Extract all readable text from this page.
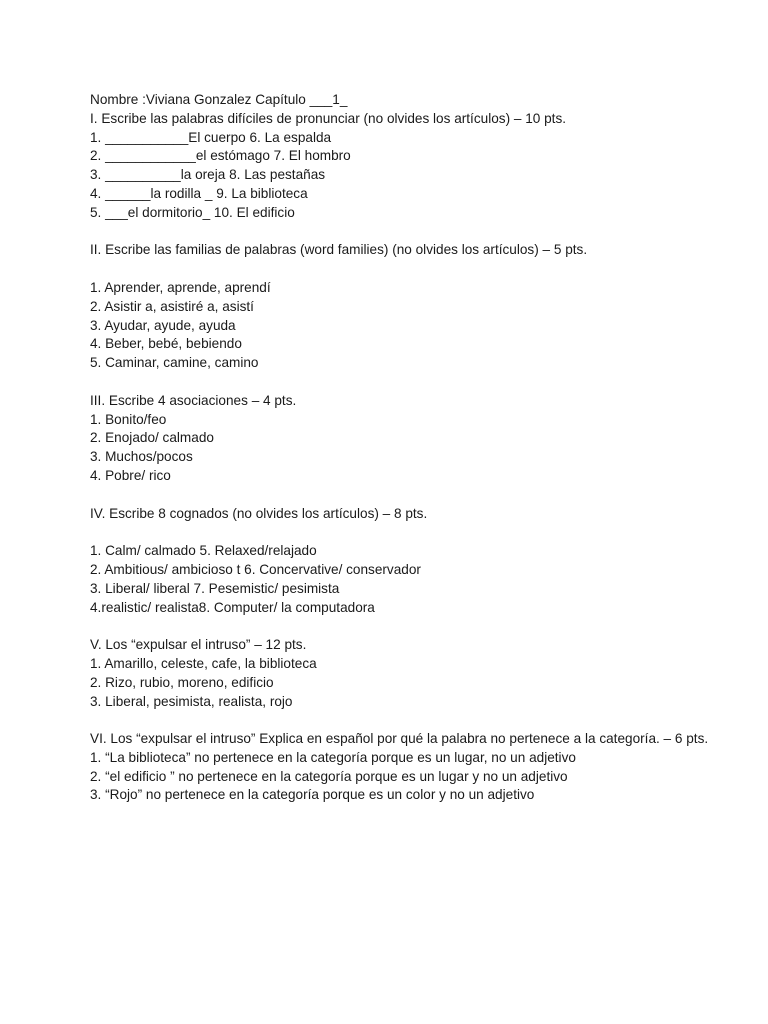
Nombre :Viviana Gonzalez Capítulo ___1_
I. Escribe las palabras difíciles de pronunciar (no olvides los artículos) – 10 pts.
1. ___________El cuerpo 6. La espalda
2. ____________el estómago 7. El hombro
3. __________la oreja 8. Las pestañas
4. ______la rodilla _ 9. La biblioteca
5. ___el dormitorio_ 10. El edificio
II. Escribe las familias de palabras (word families) (no olvides los artículos) – 5 pts.
1. Aprender, aprende, aprendí
2. Asistir a, asistiré a, asistí
3. Ayudar, ayude, ayuda
4. Beber, bebé, bebiendo
5. Caminar, camine, camino
III. Escribe 4 asociaciones – 4 pts.
1. Bonito/feo
2. Enojado/ calmado
3. Muchos/pocos
4. Pobre/ rico
IV. Escribe 8 cognados (no olvides los artículos) – 8 pts.
1. Calm/ calmado 5. Relaxed/relajado
2. Ambitious/ ambicioso t 6. Concervative/ conservador
3. Liberal/ liberal 7. Pesemistic/ pesimista
4.realistic/ realista8. Computer/ la computadora
V. Los “expulsar el intruso” – 12 pts.
1. Amarillo, celeste, cafe, la biblioteca
2. Rizo, rubio, moreno, edificio
3. Liberal, pesimista, realista, rojo
VI. Los “expulsar el intruso” Explica en español por qué la palabra no pertenece a la categoría. – 6 pts.
1. “La biblioteca” no pertenece en la categoría porque es un lugar, no un adjetivo
2. “el edificio ” no pertenece en la categoría porque es un lugar y no un adjetivo
3. “Rojo” no pertenece en la categoría porque es un color y no un adjetivo
